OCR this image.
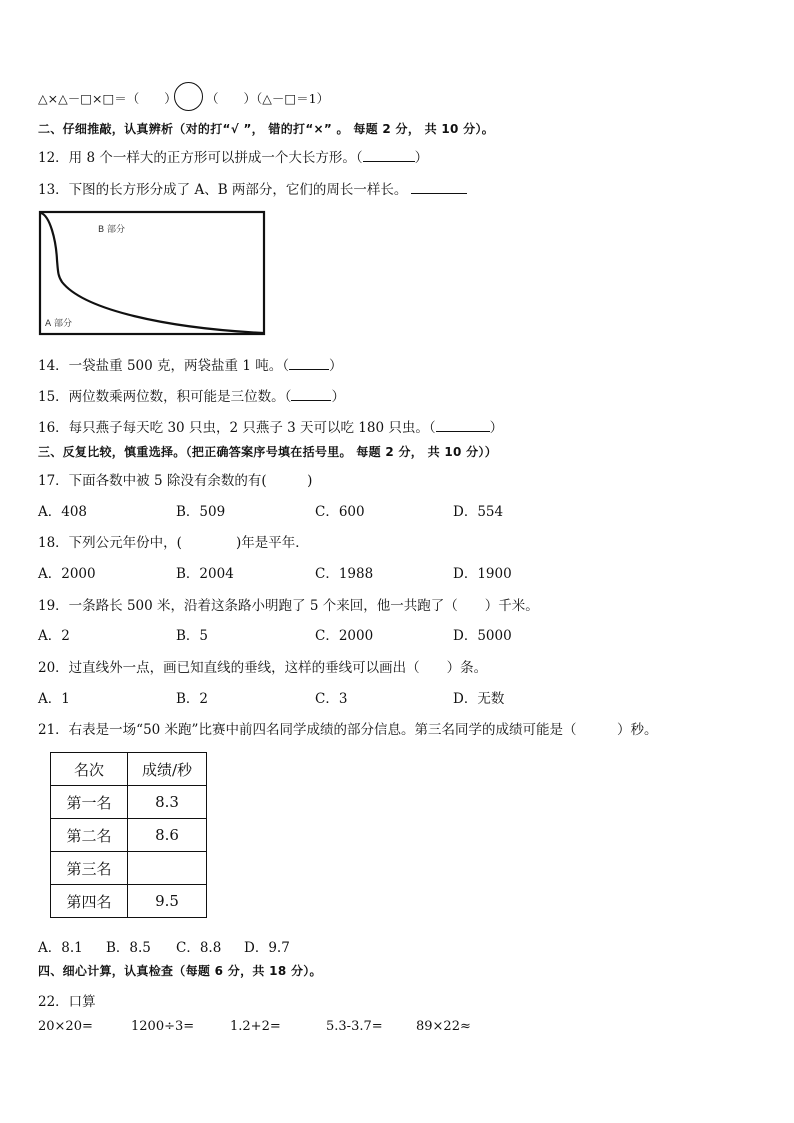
△×△－□×□＝（　　） （　　）（△－□＝1）
二、仔细推敲，认真辨析（对的打“√ ”， 错的打“×” 。 每题 2 分， 共 10 分）。
12．用 8 个一样大的正方形可以拼成一个大长方形。（	）
13．下图的长方形分成了 A、B 两部分，它们的周长一样长。
B 部分
A 部分
14．一袋盐重 500 克，两袋盐重 1 吨。（	）
15．两位数乘两位数，积可能是三位数。（	）
16．每只燕子每天吃 30 只虫，2 只燕子 3 天可以吃 180 只虫。（	）
三、反复比较，慎重选择。（把正确答案序号填在括号里。 每题 2 分， 共 10 分））
17．下面各数中被 5 除没有余数的有(　　　)
A．408	B．509	C．600	D．554
18．下列公元年份中，(　　　　)年是平年．
A．2000	B．2004	C．1988	D．1900
19．一条路长 500 米，沿着这条路小明跑了 5 个来回，他一共跑了（　　）千米。
A．2	B．5	C．2000	D．5000
20．过直线外一点，画已知直线的垂线，这样的垂线可以画出（　　）条。
A．1	B．2	C．3	D．无数
21．右表是一场“50 米跑”比赛中前四名同学成绩的部分信息。第三名同学的成绩可能是（　　　）秒。
名次	成绩/秒
第一名	8.3
第二名	8.6
第三名	
第四名	9.5
A．8.1 B．8.5 C．8.8 D．9.7
四、细心计算，认真检查（每题 6 分，共 18 分）。
22．口算
20×20=	1200÷3=	1.2+2=	5.3-3.7=	89×22≈
